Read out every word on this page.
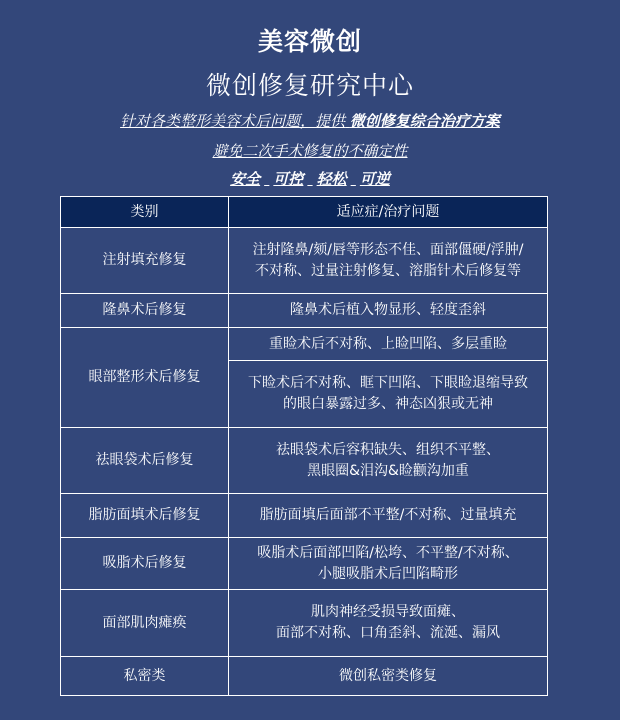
美容微创
微创修复研究中心
针对各类整形美容术后问题，提供 微创修复综合治疗方案
避免二次手术修复的不确定性
安全 可控 轻松 可逆
类别	适应症/治疗问题
注射填充修复	注射隆鼻/颏/唇等形态不佳、面部僵硬/浮肿/
不对称、过量注射修复、溶脂针术后修复等

隆鼻术后修复	隆鼻术后植入物显形、轻度歪斜

眼部整形术后修复	重睑术后不对称、上睑凹陷、多层重睑

	下睑术后不对称、眶下凹陷、下眼睑退缩导致
的眼白暴露过多、神态凶狠或无神

祛眼袋术后修复	祛眼袋术后容积缺失、组织不平整、
黑眼圈&泪沟&睑颧沟加重

脂肪面填术后修复	脂肪面填后面部不平整/不对称、过量填充

吸脂术后修复	吸脂术后面部凹陷/松垮、不平整/不对称、
小腿吸脂术后凹陷畸形

面部肌肉瘫痪	肌肉神经受损导致面瘫、
面部不对称、口角歪斜、流涎、漏风

私密类	微创私密类修复
